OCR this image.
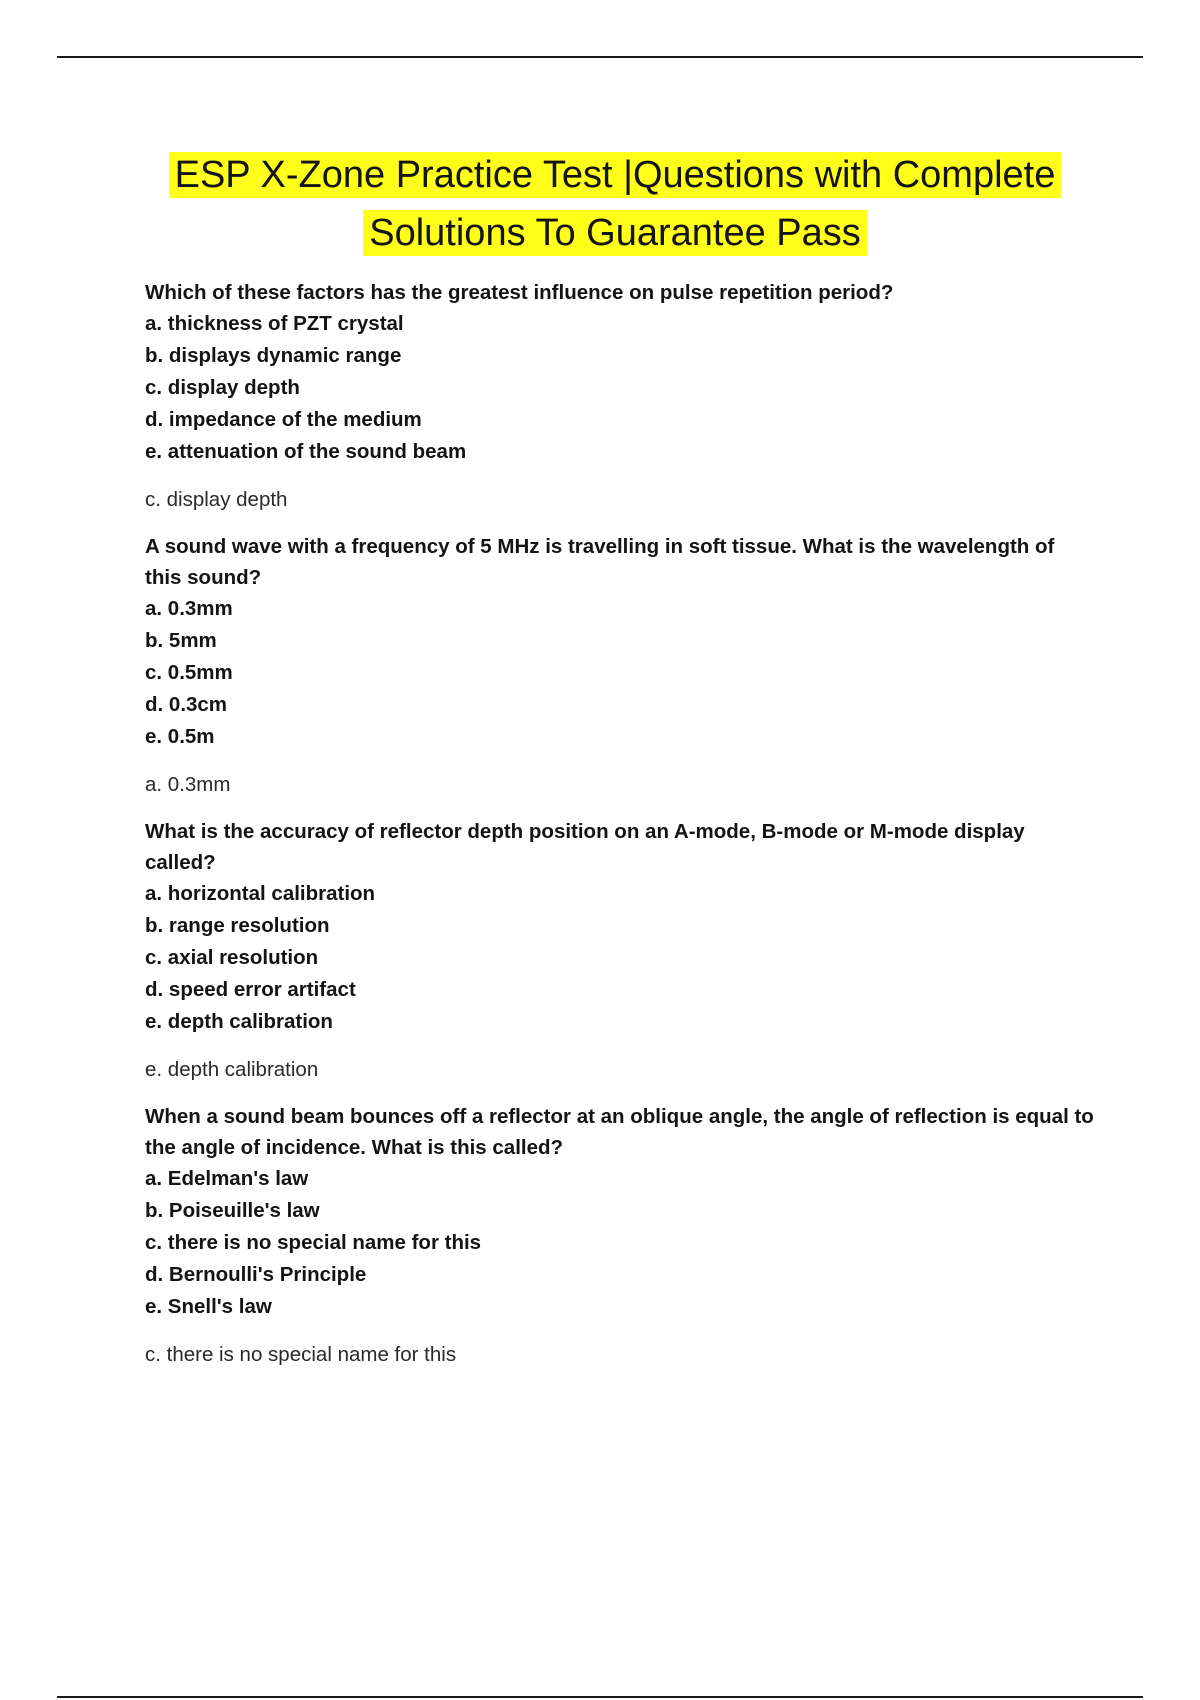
ESP X-Zone Practice Test |Questions with Complete
Solutions To Guarantee Pass
Which of these factors has the greatest influence on pulse repetition period?
a. thickness of PZT crystal
b. displays dynamic range
c. display depth
d. impedance of the medium
e. attenuation of the sound beam
c. display depth
A sound wave with a frequency of 5 MHz is travelling in soft tissue. What is the wavelength of this sound?
a. 0.3mm
b. 5mm
c. 0.5mm
d. 0.3cm
e. 0.5m
a. 0.3mm
What is the accuracy of reflector depth position on an A-mode, B-mode or M-mode display called?
a. horizontal calibration
b. range resolution
c. axial resolution
d. speed error artifact
e. depth calibration
e. depth calibration
When a sound beam bounces off a reflector at an oblique angle, the angle of reflection is equal to the angle of incidence. What is this called?
a. Edelman's law
b. Poiseuille's law
c. there is no special name for this
d. Bernoulli's Principle
e. Snell's law
c. there is no special name for this
